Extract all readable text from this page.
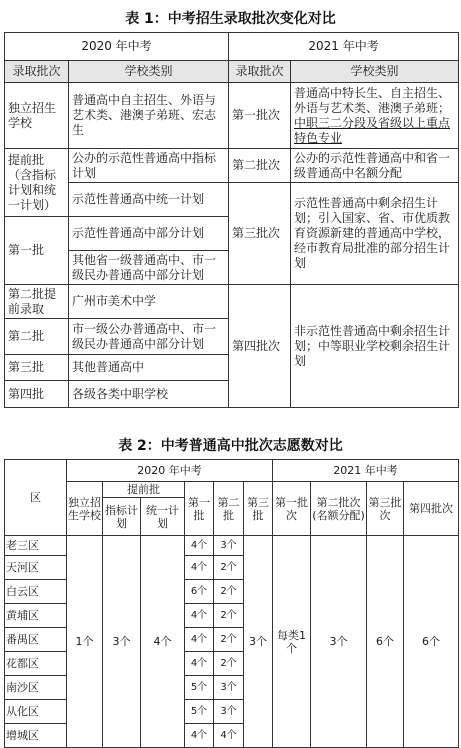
表 1：中考招生录取批次变化对比
2020 年中考		2021 年中考	
录取批次	学校类别	录取批次	学校类别
独立招生学校	普通高中自主招生、外语与艺术类、港澳子弟班、宏志生	第一批次	普通高中特长生、自主招生、外语与艺术类、港澳子弟班；中职三二分段及省级以上重点特色专业
提前批（含指标计划和统一计划）	公办的示范性普通高中指标计划	第二批次	公办的示范性普通高中和省一级普通高中名额分配
	示范性普通高中统一计划	第三批次	示范性普通高中剩余招生计划；引入国家、省、市优质教育资源新建的普通高中学校，经市教育局批准的部分招生计划
第一批	示范性普通高中部分计划		
	其他省一级普通高中、市一级民办普通高中部分计划		
第二批提前录取	广州市美术中学	第四批次	非示范性普通高中剩余招生计划；中等职业学校剩余招生计划
第二批	市一级公办普通高中、市一级民办普通高中部分计划		
第三批	其他普通高中		
第四批	各级各类中职学校		
表 2：中考普通高中批次志愿数对比
区	2020 年中考						2021 年中考			
	独立招生学校	提前批		第一批	第二批	第三批	第一批次	第二批次(名额分配)	第三批次	第四批次
		指标计划	统一计划							
老三区	1个	3个	4个	4个	3个	3个	每类1个	3个	6个	6个
天河区				4个	2个					
白云区				6个	2个					
黄埔区				4个	2个					
番禺区				4个	2个					
花都区				4个	2个					
南沙区				5个	3个					
从化区				5个	3个					
增城区				4个	4个					
